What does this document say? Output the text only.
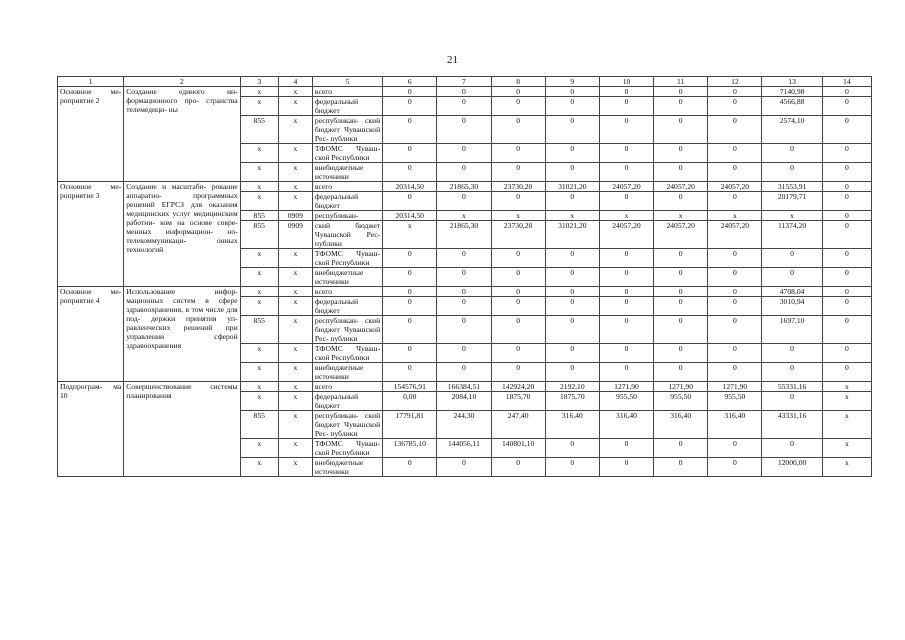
21
1	2	3	4	5	6	7	8	9	10	11	12	13	14
Основное ме- роприятие 2	Создание единого ин- формационного про- странства телемедици- ны	x	x	всего	0	0	0	0	0	0	0	7140,98	0
		x	x	федеральный бюджет	0	0	0	0	0	0	0	4566,88	0
		855	x	республикан- ский бюджет Чувашской Рес- публики	0	0	0	0	0	0	0	2574,10	0
		x	x	ТФОМС Чуваш- ской Республики	0	0	0	0	0	0	0	0	0
		x	x	внебюджетные источники	0	0	0	0	0	0	0	0	0
Основное ме- роприятие 3	Создание и масштаби- рование аппаратно- программных решений ЕГРСЗ для оказания медицинских услуг медицинским работни- ком на основе совре- менных информацион- но-телекоммуникаци- онных технологий	x	x	всего	20314,50	21865,30	23730,20	31021,20	24057,20	24057,20	24057,20	31553,91	0
		x	x	федеральный бюджет	0	0	0	0	0	0	0	20179,71	0
		855	0909	республикан-	20314,50	x	x	x	x	x	x	x	0
		855	0909	ский бюджет Чувашской Рес- публики	x	21865,30	23730,20	31021,20	24057,20	24057,20	24057,20	11374,20	0
		x	x	ТФОМС Чуваш- ской Республики	0	0	0	0	0	0	0	0	0
		x	x	внебюджетные источники	0	0	0	0	0	0	0	0	0
Основное ме- роприятие 4	Использование инфор- мационных систем в сфере здравоохранения, в том числе для под- держки принятия уп- равленческих решений при управлении сферой здравоохранения	x	x	всего	0	0	0	0	0	0	0	4708,04	0
		x	x	федеральный бюджет	0	0	0	0	0	0	0	3010,94	0
		855	x	республикан- ский бюджет Чувашской Рес- публики	0	0	0	0	0	0	0	1697,10	0
		x	x	ТФОМС Чуваш- ской Республики	0	0	0	0	0	0	0	0	0
		x	x	внебюджетные источники	0	0	0	0	0	0	0	0	0
Подпрограм- ма 10	Совершенствование системы планирования	x	x	всего	154576,91	166384,51	142924,20	2192,10	1271,90	1271,90	1271,90	55331,16	x
		x	x	федеральный бюджет	0,00	2084,10	1875,70	1875,70	955,50	955,50	955,50	0	x
		855	x	республикан- ский бюджет Чувашской Рес- публики	17791,81	244,30	247,40	316,40	316,40	316,40	316,40	43331,16	x
		x	x	ТФОМС Чуваш- ской Республики	136785,10	144056,11	140801,10	0	0	0	0	0	x
		x	x	внебюджетные источники	0	0	0	0	0	0	0	12000,00	x
